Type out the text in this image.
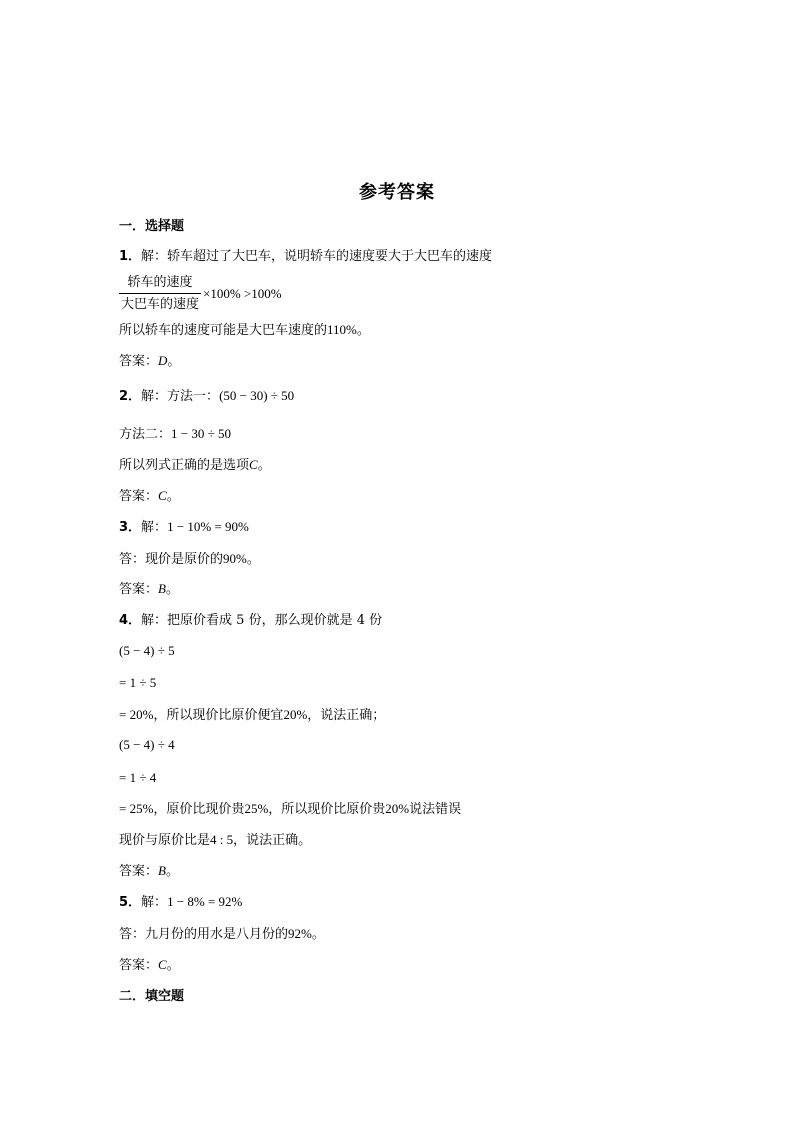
参考答案
一．选择题
1．解：轿车超过了大巴车，说明轿车的速度要大于大巴车的速度
$\frac{\text{轿车的速度}}{\text{大巴车的速度}} \times 100\% >100\%$
所以轿车的速度可能是大巴车速度的110%。
答案：D。
2．解：方法一：(50 − 30) ÷ 50
方法二：1 − 30 ÷ 50
所以列式正确的是选项C。
答案：C。
3．解：1 − 10% = 90%
答：现价是原价的90%。
答案：B。
4．解：把原价看成 5 份，那么现价就是 4 份
(5 − 4) ÷ 5
= 1 ÷ 5
= 20%，所以现价比原价便宜20%，说法正确；
(5 − 4) ÷ 4
= 1 ÷ 4
= 25%，原价比现价贵25%，所以现价比原价贵20%说法错误
现价与原价比是4 : 5，说法正确。
答案：B。
5．解：1 − 8% = 92%
答：九月份的用水是八月份的92%。
答案：C。
二．填空题
